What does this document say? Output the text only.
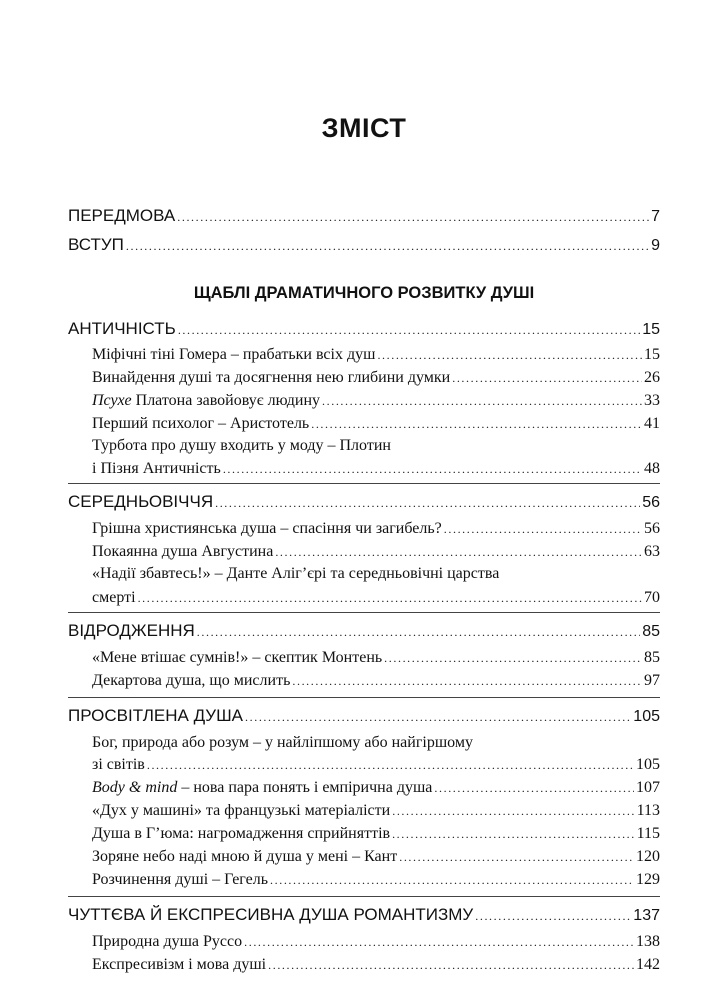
ЗМІСТ
ПЕРЕДМОВА .....	7
ВСТУП .....	9
ЩАБЛІ ДРАМАТИЧНОГО РОЗВИТКУ ДУШІ
АНТИЧНІСТЬ .....	15
Міфічні тіні Гомера – прабатьки всіх душ .....	15
Винайдення душі та досягнення нею глибини думки .....	26
Псухе Платона завойовує людину .....	33
Перший психолог – Аристотель .....	41
Турбота про душу входить у моду – Плотин
і Пізня Античність .....	48
СЕРЕДНЬОВІЧЧЯ .....	56
Грішна християнська душа – спасіння чи загибель? .....	56
Покаянна душа Августина .....	63
«Надії збавтесь!» – Данте Аліг’єрі та середньовічні царства
смерті .....	70
ВІДРОДЖЕННЯ .....	85
«Мене втішає сумнів!» – скептик Монтень .....	85
Декартова душа, що мислить .....	97
ПРОСВІТЛЕНА ДУША .....	105
Бог, природа або розум – у найліпшому або найгіршому
зі світів .....	105
Body & mind – нова пара понять і емпірична душа .....	107
«Дух у машині» та французькі матеріалісти .....	113
Душа в Г’юма: нагромадження сприйняттів .....	115
Зоряне небо наді мною й душа у мені – Кант .....	120
Розчинення душі – Гегель .....	129
ЧУТТЄВА Й ЕКСПРЕСИВНА ДУША РОМАНТИЗМУ .....	137
Природна душа Руссо .....	138
Експресивізм і мова душі .....	142
